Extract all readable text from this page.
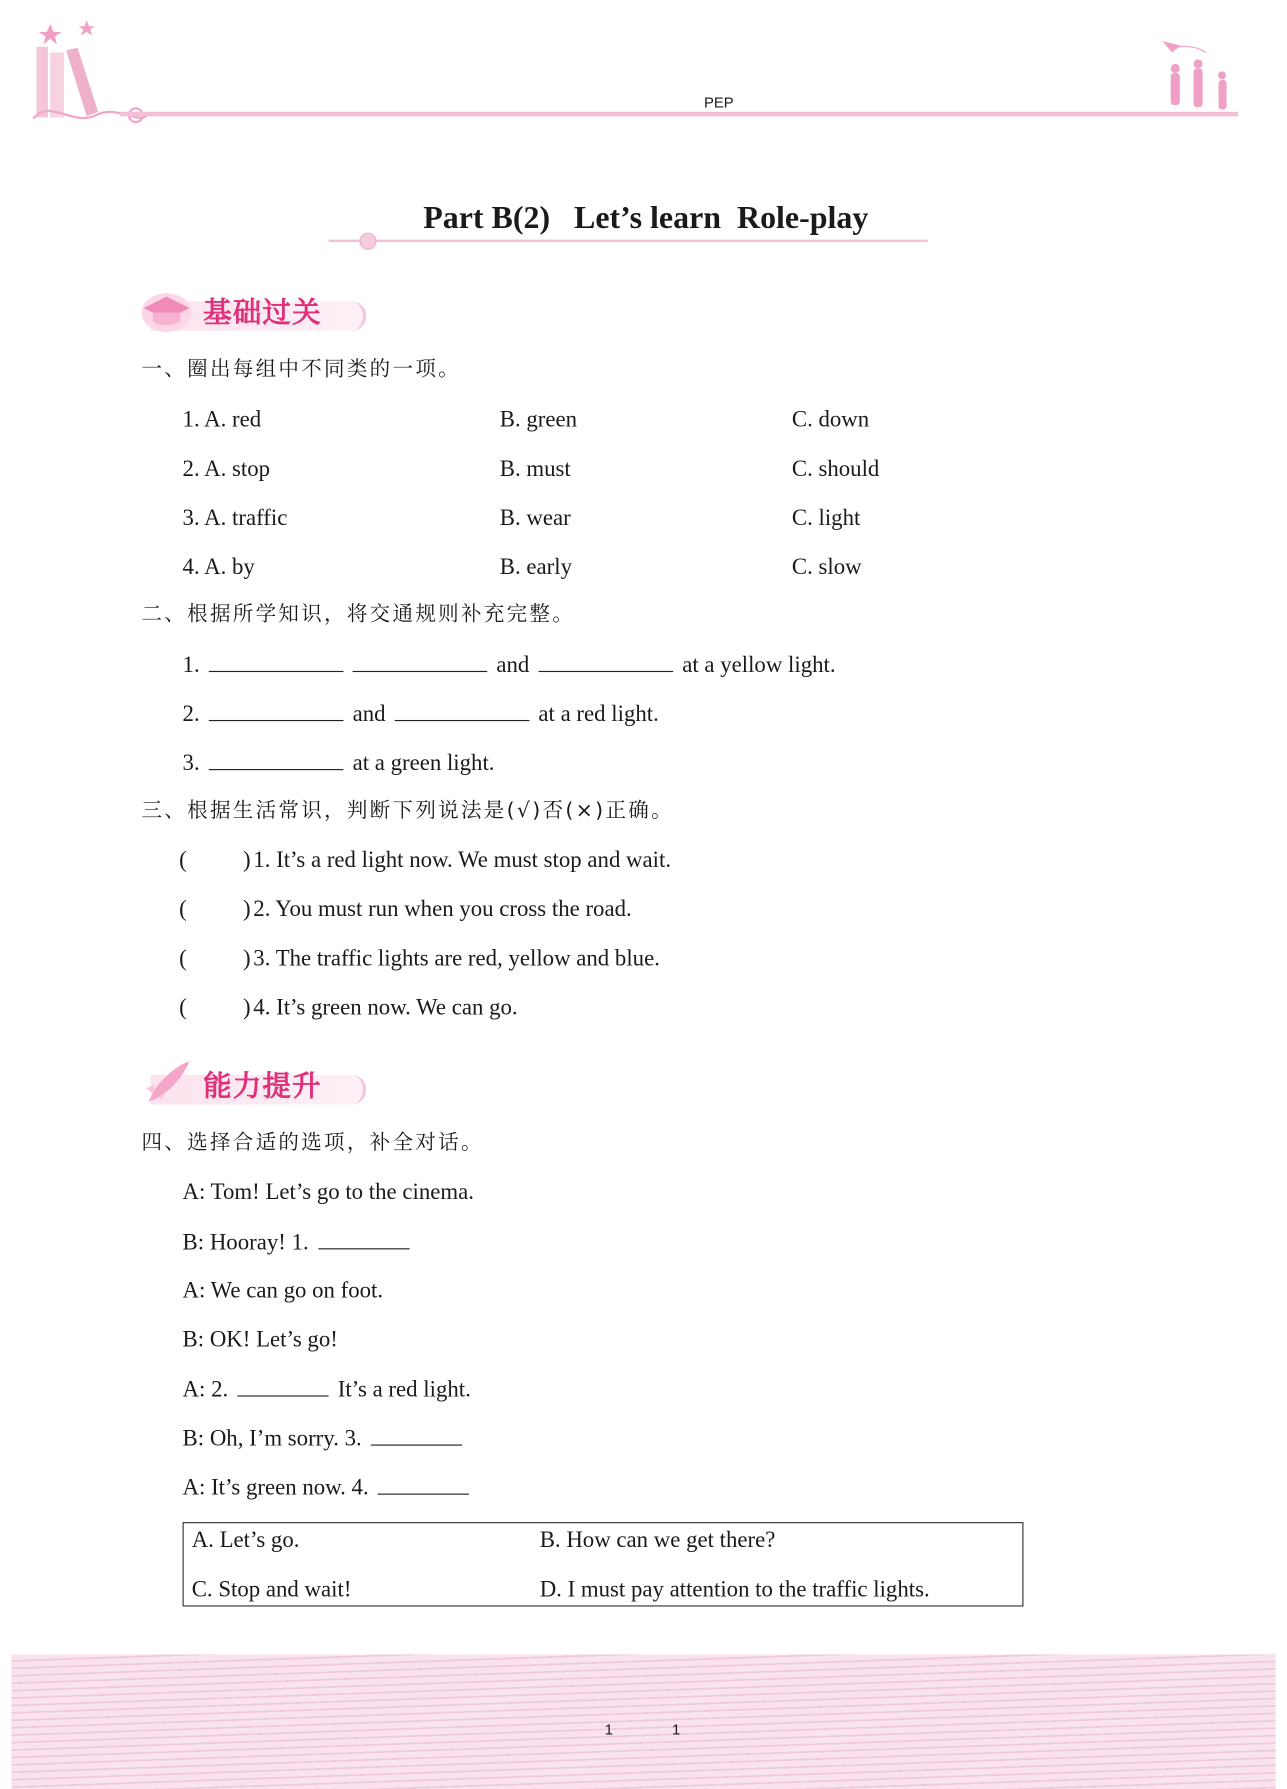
PEP
Part B(2)   Let’s learn  Role-play
基础过关
能力提升
1	1
一、圈出每组中不同类的一项。
1. A. red	B. green	C. down
2. A. stop	B. must	C. should
3. A. traffic	B. wear	C. light
4. A. by	B. early	C. slow
二、根据所学知识，将交通规则补充完整。
1.	and	at a yellow light.
2.	and	at a red light.
3.	at a green light.
三、根据生活常识，判断下列说法是(√)否(×)正确。
(	) 1. It’s a red light now. We must stop and wait.
(	) 2. You must run when you cross the road.
(	) 3. The traffic lights are red, yellow and blue.
(	) 4. It’s green now. We can go.
四、选择合适的选项，补全对话。
A: Tom! Let’s go to the cinema.
B: Hooray! 1.
A: We can go on foot.
B: OK! Let’s go!
A: 2.	It’s a red light.
B: Oh, I’m sorry. 3.
A: It’s green now. 4.
A. Let’s go.	B. How can we get there?
C. Stop and wait!	D. I must pay attention to the traffic lights.
